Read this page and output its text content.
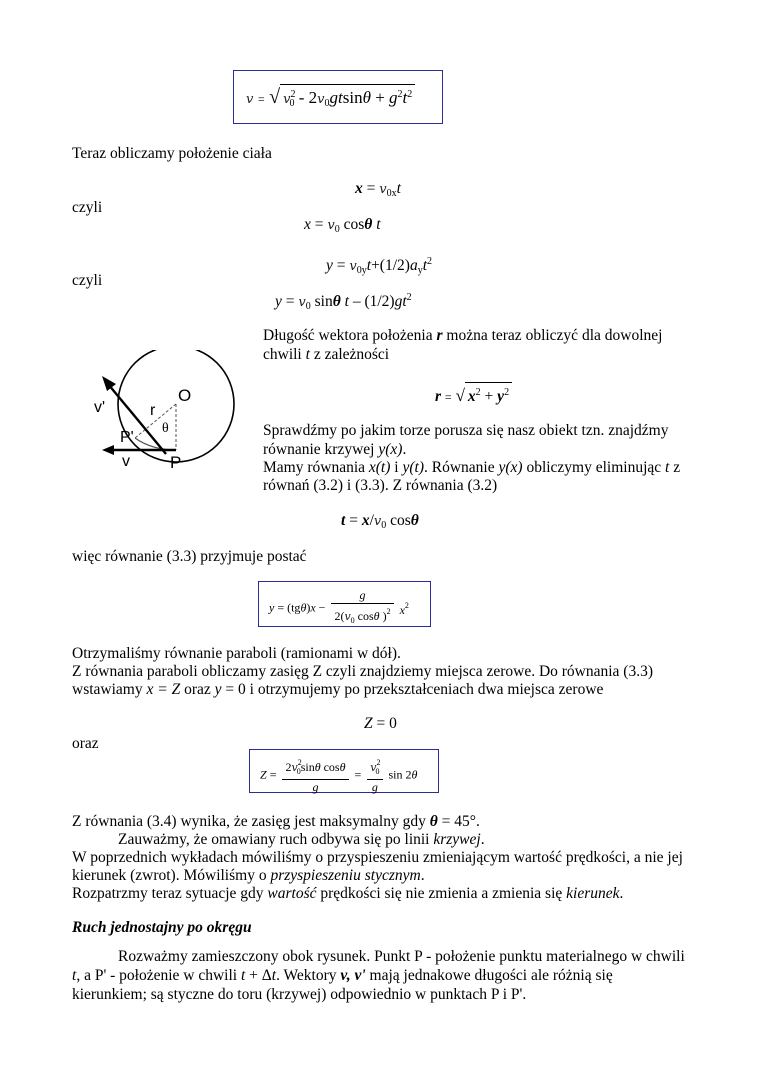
v = √ $v^2_0 - 2v_0gtsin\theta + g^2t^2$
Teraz obliczamy położenie ciała
$x = v_{0x}t$
czyli
$x = v_0$ cosθ t
$y = v_{0y}t+(1/2)a_yt^2$
czyli
$y = v_0$ sinθ t – $(1/2)gt^2$
Długość wektora położenia r można teraz obliczyć dla dowolnej
chwili t z zależności
r = √ $x^2 + y^2$
O
r
θ
v'
P'
v P
Sprawdźmy po jakim torze porusza się nasz obiekt tzn. znajdźmy
równanie krzywej y(x).
Mamy równania x(t) i y(t). Równanie y(x) obliczymy eliminując t z
równań (3.2) i (3.3). Z równania (3.2)
$t = x/v_0$ cosθ
więc równanie (3.3) przyjmuje postać
$y = (tg\theta)x - \frac{g}{2(v_0 \cos\theta )^2} x^2$
Otrzymaliśmy równanie paraboli (ramionami w dół).
Z równania paraboli obliczamy zasięg Z czyli znajdziemy miejsca zerowe. Do równania (3.3)
wstawiamy x = Z oraz y = 0 i otrzymujemy po przekształceniach dwa miejsca zerowe
Z = 0
oraz
$Z = \frac{2v^2_0\sin\theta \cos\theta}{g} = \frac{v^2_0}{g}$ sin 2θ
Z równania (3.4) wynika, że zasięg jest maksymalny gdy θ = 45°.
Zauważmy, że omawiany ruch odbywa się po linii krzywej.
W poprzednich wykładach mówiliśmy o przyspieszeniu zmieniającym wartość prędkości, a nie jej
kierunek (zwrot). Mówiliśmy o przyspieszeniu stycznym.
Rozpatrzmy teraz sytuacje gdy wartość prędkości się nie zmienia a zmienia się kierunek.
Ruch jednostajny po okręgu
Rozważmy zamieszczony obok rysunek. Punkt P - położenie punktu materialnego w chwili
t, a P' - położenie w chwili t + Δt. Wektory v, v' mają jednakowe długości ale różnią się
kierunkiem; są styczne do toru (krzywej) odpowiednio w punktach P i P'.
